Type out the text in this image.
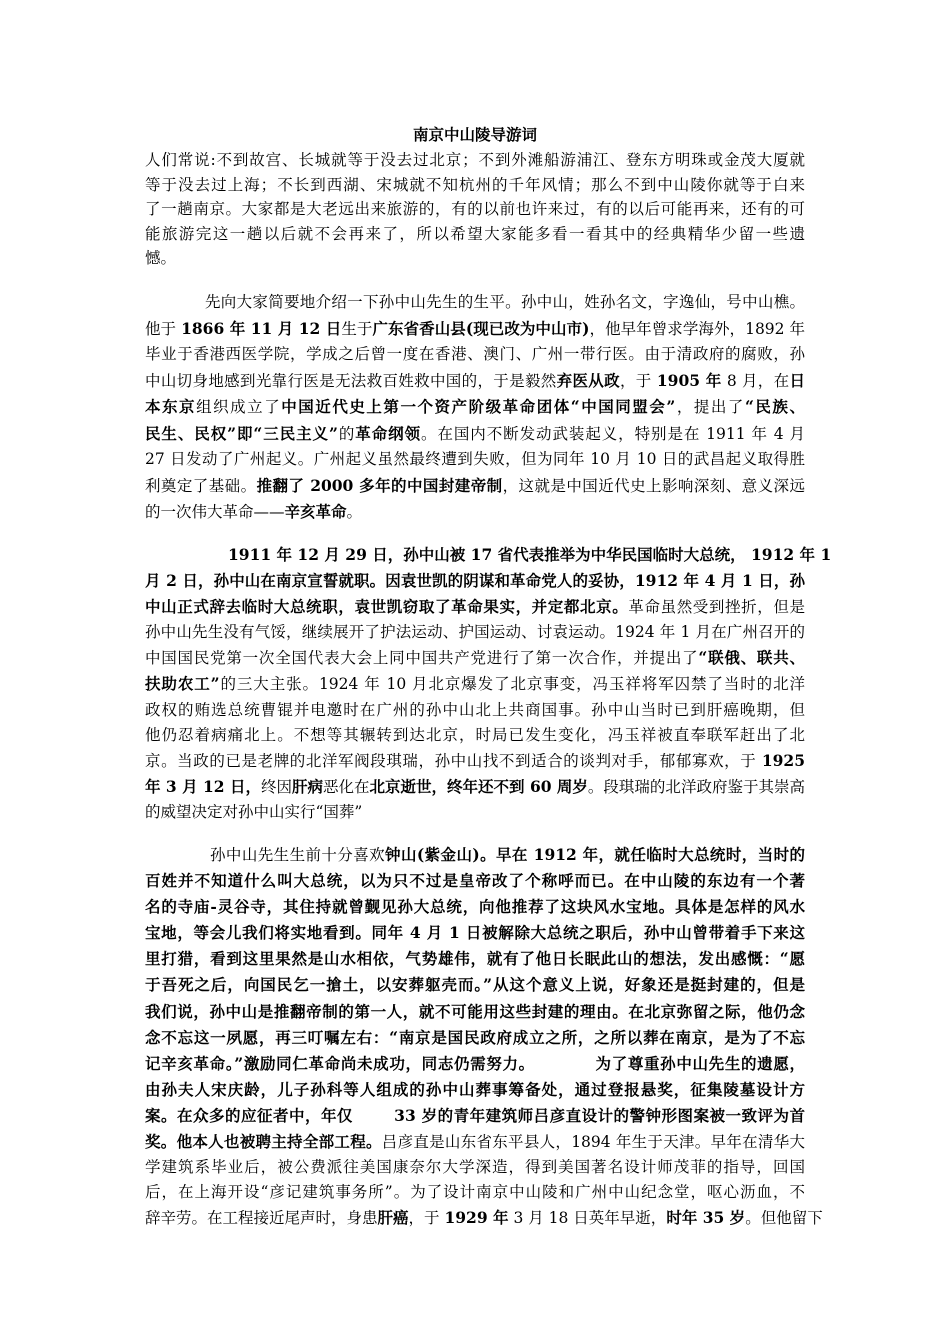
南京中山陵导游词
人们常说:不到故宫、长城就等于没去过北京；不到外滩船游浦江、登东方明珠或金茂大厦就
等于没去过上海；不长到西湖、宋城就不知杭州的千年风情；那么不到中山陵你就等于白来
了一趟南京。大家都是大老远出来旅游的，有的以前也许来过，有的以后可能再来，还有的可
能旅游完这一趟以后就不会再来了，所以希望大家能多看一看其中的经典精华少留一些遗
憾。
先向大家简要地介绍一下孙中山先生的生平。孙中山，姓孙名文，字逸仙，号中山樵。
他于 1866 年 11 月 12 日生于广东省香山县(现已改为中山市)，他早年曾求学海外，1892 年
毕业于香港西医学院，学成之后曾一度在香港、澳门、广州一带行医。由于清政府的腐败，孙
中山切身地感到光靠行医是无法救百姓救中国的，于是毅然弃医从政，于 1905 年 8 月，在日
本东京组织成立了中国近代史上第一个资产阶级革命团体“中国同盟会”，提出了“民族、
民生、民权”即“三民主义”的革命纲领。在国内不断发动武装起义，特别是在 1911 年 4 月
27 日发动了广州起义。广州起义虽然最终遭到失败，但为同年 10 月 10 日的武昌起义取得胜
利奠定了基础。推翻了 2000 多年的中国封建帝制，这就是中国近代史上影响深刻、意义深远
的一次伟大革命——辛亥革命。
1911 年 12 月 29 日，孙中山被 17 省代表推举为中华民国临时大总统， 1912 年 1
月 2 日，孙中山在南京宣誓就职。因袁世凯的阴谋和革命党人的妥协，1912 年 4 月 1 日，孙
中山正式辞去临时大总统职，袁世凯窃取了革命果实，并定都北京。革命虽然受到挫折，但是
孙中山先生没有气馁，继续展开了护法运动、护国运动、讨袁运动。1924 年 1 月在广州召开的
中国国民党第一次全国代表大会上同中国共产党进行了第一次合作，并提出了“联俄、联共、
扶助农工”的三大主张。1924 年 10 月北京爆发了北京事变，冯玉祥将军囚禁了当时的北洋
政权的贿选总统曹锟并电邀时在广州的孙中山北上共商国事。孙中山当时已到肝癌晚期，但
他仍忍着病痛北上。不想等其辗转到达北京，时局已发生变化，冯玉祥被直奉联军赶出了北
京。当政的已是老牌的北洋军阀段琪瑞，孙中山找不到适合的谈判对手，郁郁寡欢，于 1925
年 3 月 12 日，终因肝病恶化在北京逝世，终年还不到 60 周岁。段琪瑞的北洋政府鉴于其崇高
的威望决定对孙中山实行“国葬”
孙中山先生生前十分喜欢钟山(紫金山)。早在 1912 年，就任临时大总统时，当时的
百姓并不知道什么叫大总统，以为只不过是皇帝改了个称呼而已。在中山陵的东边有一个著
名的寺庙-灵谷寺，其住持就曾觐见孙大总统，向他推荐了这块风水宝地。具体是怎样的风水
宝地，等会儿我们将实地看到。同年 4 月 1 日被解除大总统之职后，孙中山曾带着手下来这
里打猎，看到这里果然是山水相依，气势雄伟，就有了他日长眠此山的想法，发出感慨：“愿
于吾死之后，向国民乞一搶土，以安葬躯壳而。”从这个意义上说，好象还是挺封建的，但是
我们说，孙中山是推翻帝制的第一人，就不可能用这些封建的理由。在北京弥留之际，他仍念
念不忘这一夙愿，再三叮嘱左右：“南京是国民政府成立之所，之所以葬在南京，是为了不忘
记辛亥革命。”激励同仁革命尚未成功，同志仍需努力。          为了尊重孙中山先生的遗愿，
由孙夫人宋庆龄，儿子孙科等人组成的孙中山葬事筹备处，通过登报悬奖，征集陵墓设计方
案。在众多的应征者中，年仅       33 岁的青年建筑师吕彦直设计的警钟形图案被一致评为首
奖。他本人也被聘主持全部工程。吕彦直是山东省东平县人，1894 年生于天津。早年在清华大
学建筑系毕业后，被公费派往美国康奈尔大学深造，得到美国著名设计师茂菲的指导，回国
后，在上海开设“彦记建筑事务所”。为了设计南京中山陵和广州中山纪念堂，呕心沥血，不
辞辛劳。在工程接近尾声时，身患肝癌，于 1929 年 3 月 18 日英年早逝，时年 35 岁。但他留下
